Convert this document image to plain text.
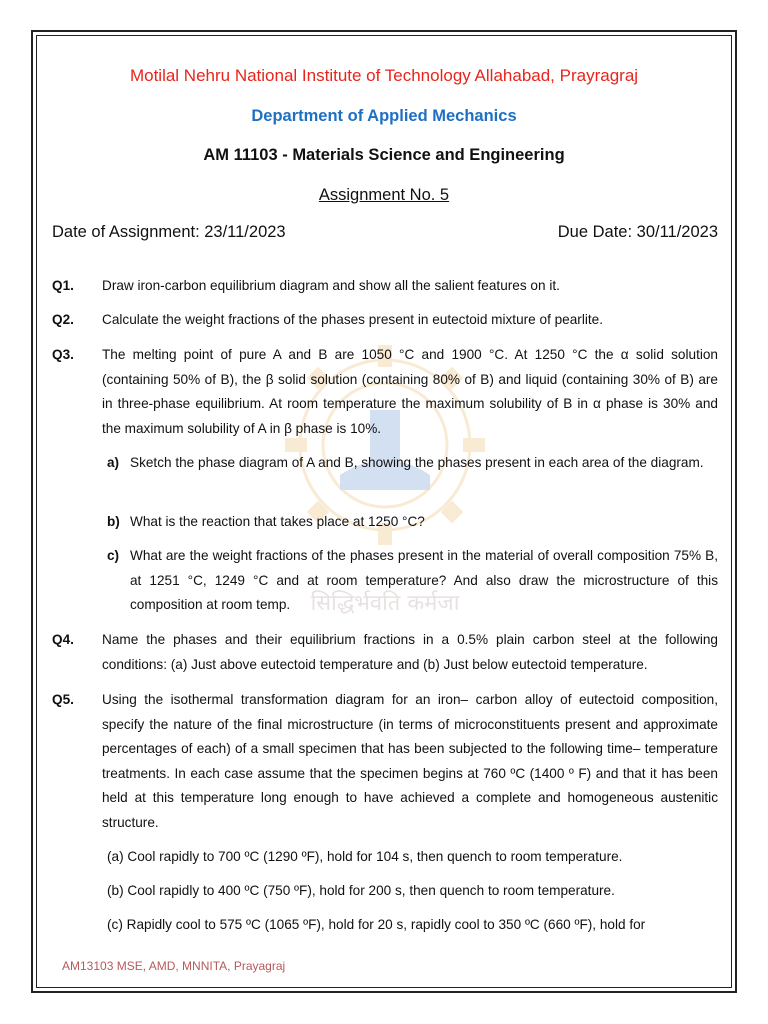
सिद्धिर्भवति कर्मजा
Motilal Nehru National Institute of Technology Allahabad, Prayragraj
Department of Applied Mechanics
AM 11103 - Materials Science and Engineering
Assignment No. 5
Date of Assignment: 23/11/2023	Due Date: 30/11/2023
Q1. Draw iron-carbon equilibrium diagram and show all the salient features on it.
Q2. Calculate the weight fractions of the phases present in eutectoid mixture of pearlite.
Q3. The melting point of pure A and B are 1050 °C and 1900 °C. At 1250 °C the α solid solution (containing 50% of B), the β solid solution (containing 80% of B) and liquid (containing 30% of B) are in three-phase equilibrium. At room temperature the maximum solubility of B in α phase is 30% and the maximum solubility of A in β phase is 10%.
a) Sketch the phase diagram of A and B, showing the phases present in each area of the diagram.
b) What is the reaction that takes place at 1250 °C?
c) What are the weight fractions of the phases present in the material of overall composition 75% B, at 1251 °C, 1249 °C and at room temperature? And also draw the microstructure of this composition at room temp.
Q4. Name the phases and their equilibrium fractions in a 0.5% plain carbon steel at the following conditions: (a) Just above eutectoid temperature and (b) Just below eutectoid temperature.
Q5. Using the isothermal transformation diagram for an iron– carbon alloy of eutectoid composition, specify the nature of the final microstructure (in terms of microconstituents present and approximate percentages of each) of a small specimen that has been subjected to the following time– temperature treatments. In each case assume that the specimen begins at 760 ºC (1400 º F) and that it has been held at this temperature long enough to have achieved a complete and homogeneous austenitic structure.
(a) Cool rapidly to 700 ºC (1290 ºF), hold for 104 s, then quench to room temperature.
(b) Cool rapidly to 400 ºC (750 ºF), hold for 200 s, then quench to room temperature.
(c) Rapidly cool to 575 ºC (1065 ºF), hold for 20 s, rapidly cool to 350 ºC (660 ºF), hold for
AM13103 MSE, AMD, MNNITA, Prayagraj
